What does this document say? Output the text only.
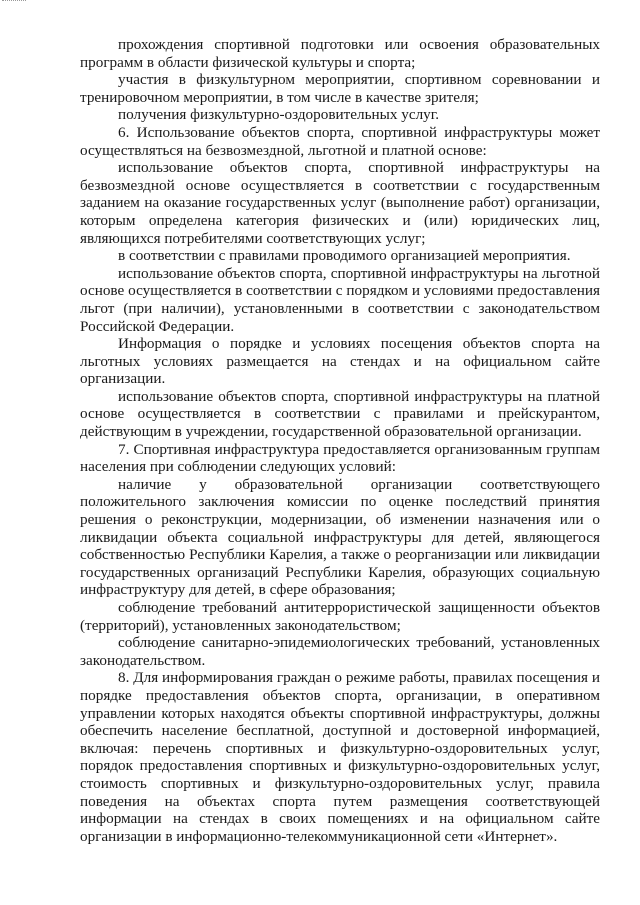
прохождения спортивной подготовки или освоения образовательных программ в области физической культуры и спорта;

участия в физкультурном мероприятии, спортивном соревновании и тренировочном мероприятии, в том числе в качестве зрителя;

получения физкультурно-оздоровительных услуг.

6. Использование объектов спорта, спортивной инфраструктуры может осуществляться на безвозмездной, льготной и платной основе:

использование объектов спорта, спортивной инфраструктуры на безвозмездной основе осуществляется в соответствии с государственным заданием на оказание государственных услуг (выполнение работ) организации, которым определена категория физических и (или) юридических лиц, являющихся потребителями соответствующих услуг;

в соответствии с правилами проводимого организацией мероприятия.

использование объектов спорта, спортивной инфраструктуры на льготной основе осуществляется в соответствии с порядком и условиями предоставления льгот (при наличии), установленными в соответствии с законодательством Российской Федерации.

Информация о порядке и условиях посещения объектов спорта на льготных условиях размещается на стендах и на официальном сайте организации.

использование объектов спорта, спортивной инфраструктуры на платной основе осуществляется в соответствии с правилами и прейскурантом, действующим в учреждении, государственной образовательной организации.

7. Спортивная инфраструктура предоставляется организованным группам населения при соблюдении следующих условий:

наличие у образовательной организации соответствующего положительного заключения комиссии по оценке последствий принятия решения о реконструкции, модернизации, об изменении назначения или о ликвидации объекта социальной инфраструктуры для детей, являющегося собственностью Республики Карелия, а также о реорганизации или ликвидации государственных организаций Республики Карелия, образующих социальную инфраструктуру для детей, в сфере образования;

соблюдение требований антитеррористической защищенности объектов (территорий), установленных законодательством;

соблюдение санитарно-эпидемиологических требований, установленных законодательством.

8. Для информирования граждан о режиме работы, правилах посещения и порядке предоставления объектов спорта, организации, в оперативном управлении которых находятся объекты спортивной инфраструктуры, должны обеспечить население бесплатной, доступной и достоверной информацией, включая: перечень спортивных и физкультурно-оздоровительных услуг, порядок предоставления спортивных и физкультурно-оздоровительных услуг, стоимость спортивных и физкультурно-оздоровительных услуг, правила поведения на объектах спорта путем размещения соответствующей информации на стендах в своих помещениях и на официальном сайте организации в информационно-телекоммуникационной сети «Интернет».
